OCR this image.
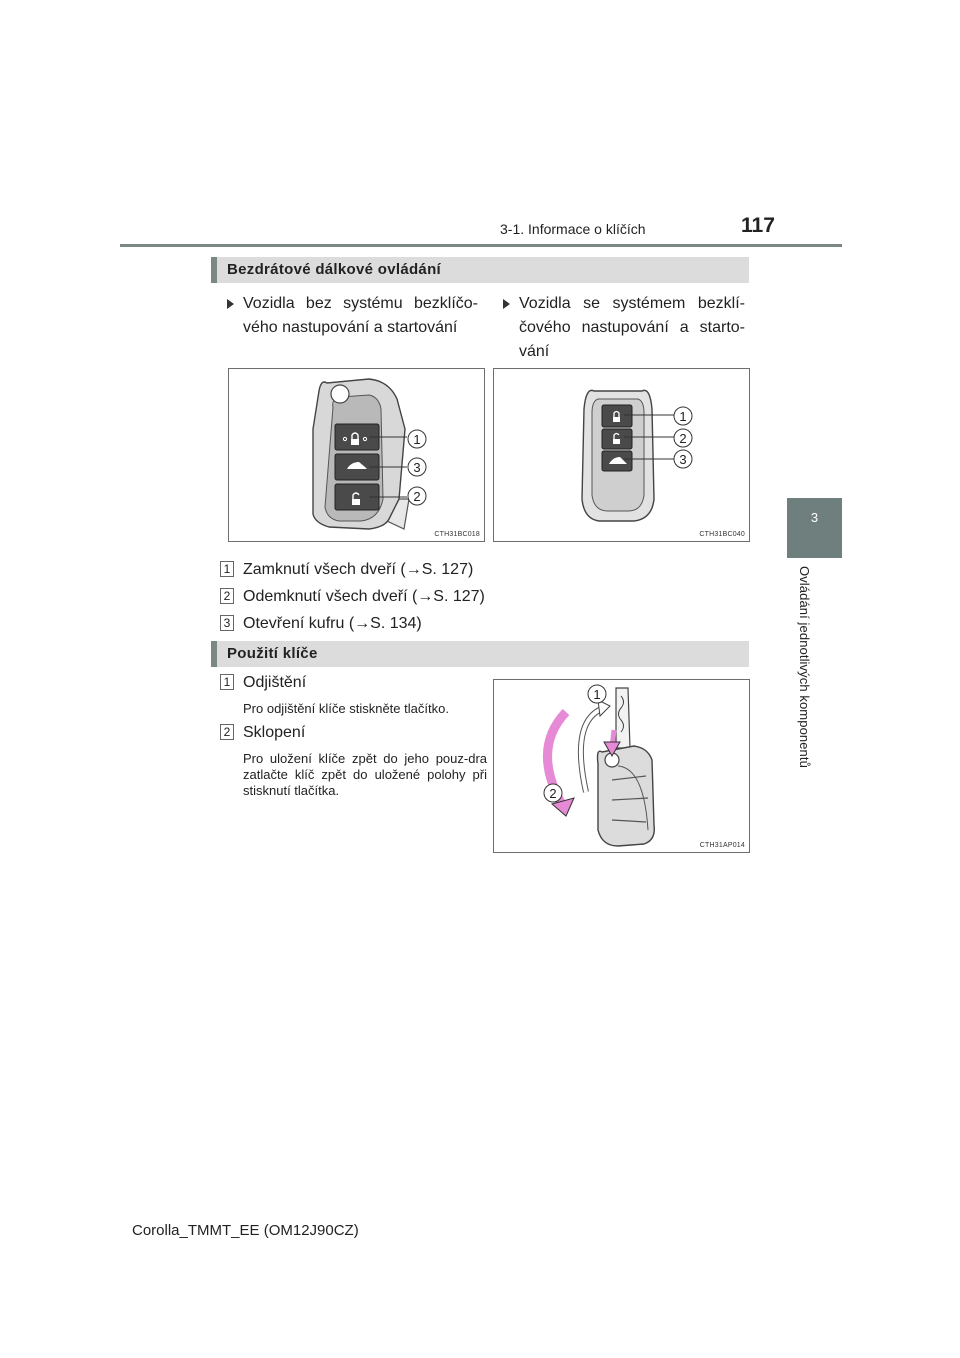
3-1. Informace o klíčích	117
3
Ovládání jednotlivých komponentů
Bezdrátové dálkové ovládání
Vozidla bez systému bezklíčo-vého nastupování a startování
Vozidla se systémem bezklí-čového nastupování a starto-vání
1
3
2
CTH31BC018
1
2
3
CTH31BC040
1 Zamknutí všech dveří (→S. 127)
2 Odemknutí všech dveří (→S. 127)
3 Otevření kufru (→S. 134)
Použití klíče
1 Odjištění
Pro odjištění klíče stiskněte tlačítko.
2 Sklopení
Pro uložení klíče zpět do jeho pouz-dra zatlačte klíč zpět do uložené polohy při stisknutí tlačítka.
1
2
CTH31AP014
Corolla_TMMT_EE (OM12J90CZ)
